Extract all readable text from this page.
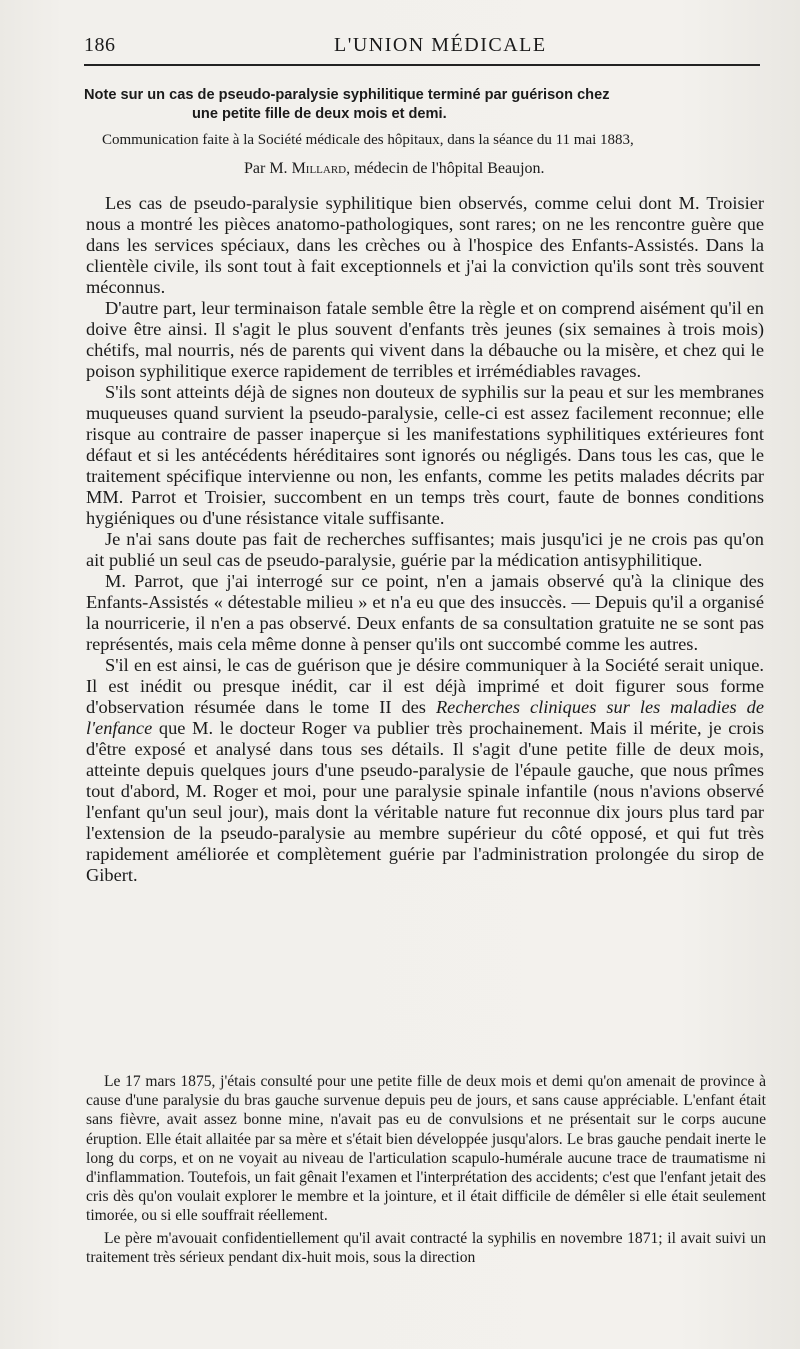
186	L'UNION MÉDICALE
Note sur un cas de pseudo-paralysie syphilitique terminé par guérison chez
une petite fille de deux mois et demi.
Communication faite à la Société médicale des hôpitaux, dans la séance du 11 mai 1883,
Par M. Millard, médecin de l'hôpital Beaujon.

Les cas de pseudo-paralysie syphilitique bien observés, comme celui dont M. Troisier nous a montré les pièces anatomo-pathologiques, sont rares; on ne les rencontre guère que dans les services spéciaux, dans les crèches ou à l'hospice des Enfants-Assistés. Dans la clientèle civile, ils sont tout à fait exceptionnels et j'ai la conviction qu'ils sont très souvent méconnus.

D'autre part, leur terminaison fatale semble être la règle et on comprend aisément qu'il en doive être ainsi. Il s'agit le plus souvent d'enfants très jeunes (six semaines à trois mois) chétifs, mal nourris, nés de parents qui vivent dans la débauche ou la misère, et chez qui le poison syphilitique exerce rapidement de terribles et irrémédiables ravages.

S'ils sont atteints déjà de signes non douteux de syphilis sur la peau et sur les membranes muqueuses quand survient la pseudo-paralysie, celle-ci est assez facilement reconnue; elle risque au contraire de passer inaperçue si les manifestations syphilitiques extérieures font défaut et si les antécédents héréditaires sont ignorés ou négligés. Dans tous les cas, que le traitement spécifique intervienne ou non, les enfants, comme les petits malades décrits par MM. Parrot et Troisier, succombent en un temps très court, faute de bonnes conditions hygiéniques ou d'une résistance vitale suffisante.

Je n'ai sans doute pas fait de recherches suffisantes; mais jusqu'ici je ne crois pas qu'on ait publié un seul cas de pseudo-paralysie, guérie par la médication antisyphilitique.

M. Parrot, que j'ai interrogé sur ce point, n'en a jamais observé qu'à la clinique des Enfants-Assistés « détestable milieu » et n'a eu que des insuccès. — Depuis qu'il a organisé la nourricerie, il n'en a pas observé. Deux enfants de sa consultation gratuite ne se sont pas représentés, mais cela même donne à penser qu'ils ont succombé comme les autres.

S'il en est ainsi, le cas de guérison que je désire communiquer à la Société serait unique. Il est inédit ou presque inédit, car il est déjà imprimé et doit figurer sous forme d'observation résumée dans le tome II des Recherches cliniques sur les maladies de l'enfance que M. le docteur Roger va publier très prochainement. Mais il mérite, je crois d'être exposé et analysé dans tous ses détails. Il s'agit d'une petite fille de deux mois, atteinte depuis quelques jours d'une pseudo-paralysie de l'épaule gauche, que nous prîmes tout d'abord, M. Roger et moi, pour une paralysie spinale infantile (nous n'avions observé l'enfant qu'un seul jour), mais dont la véritable nature fut reconnue dix jours plus tard par l'extension de la pseudo-paralysie au membre supérieur du côté opposé, et qui fut très rapidement améliorée et complètement guérie par l'administration prolongée du sirop de Gibert.

Le 17 mars 1875, j'étais consulté pour une petite fille de deux mois et demi qu'on amenait de province à cause d'une paralysie du bras gauche survenue depuis peu de jours, et sans cause appréciable. L'enfant était sans fièvre, avait assez bonne mine, n'avait pas eu de convulsions et ne présentait sur le corps aucune éruption. Elle était allaitée par sa mère et s'était bien développée jusqu'alors. Le bras gauche pendait inerte le long du corps, et on ne voyait au niveau de l'articulation scapulo-humérale aucune trace de traumatisme ni d'inflammation. Toutefois, un fait gênait l'examen et l'interprétation des accidents; c'est que l'enfant jetait des cris dès qu'on voulait explorer le membre et la jointure, et il était difficile de démêler si elle était seulement timorée, ou si elle souffrait réellement.

Le père m'avouait confidentiellement qu'il avait contracté la syphilis en novembre 1871; il avait suivi un traitement très sérieux pendant dix-huit mois, sous la direction
